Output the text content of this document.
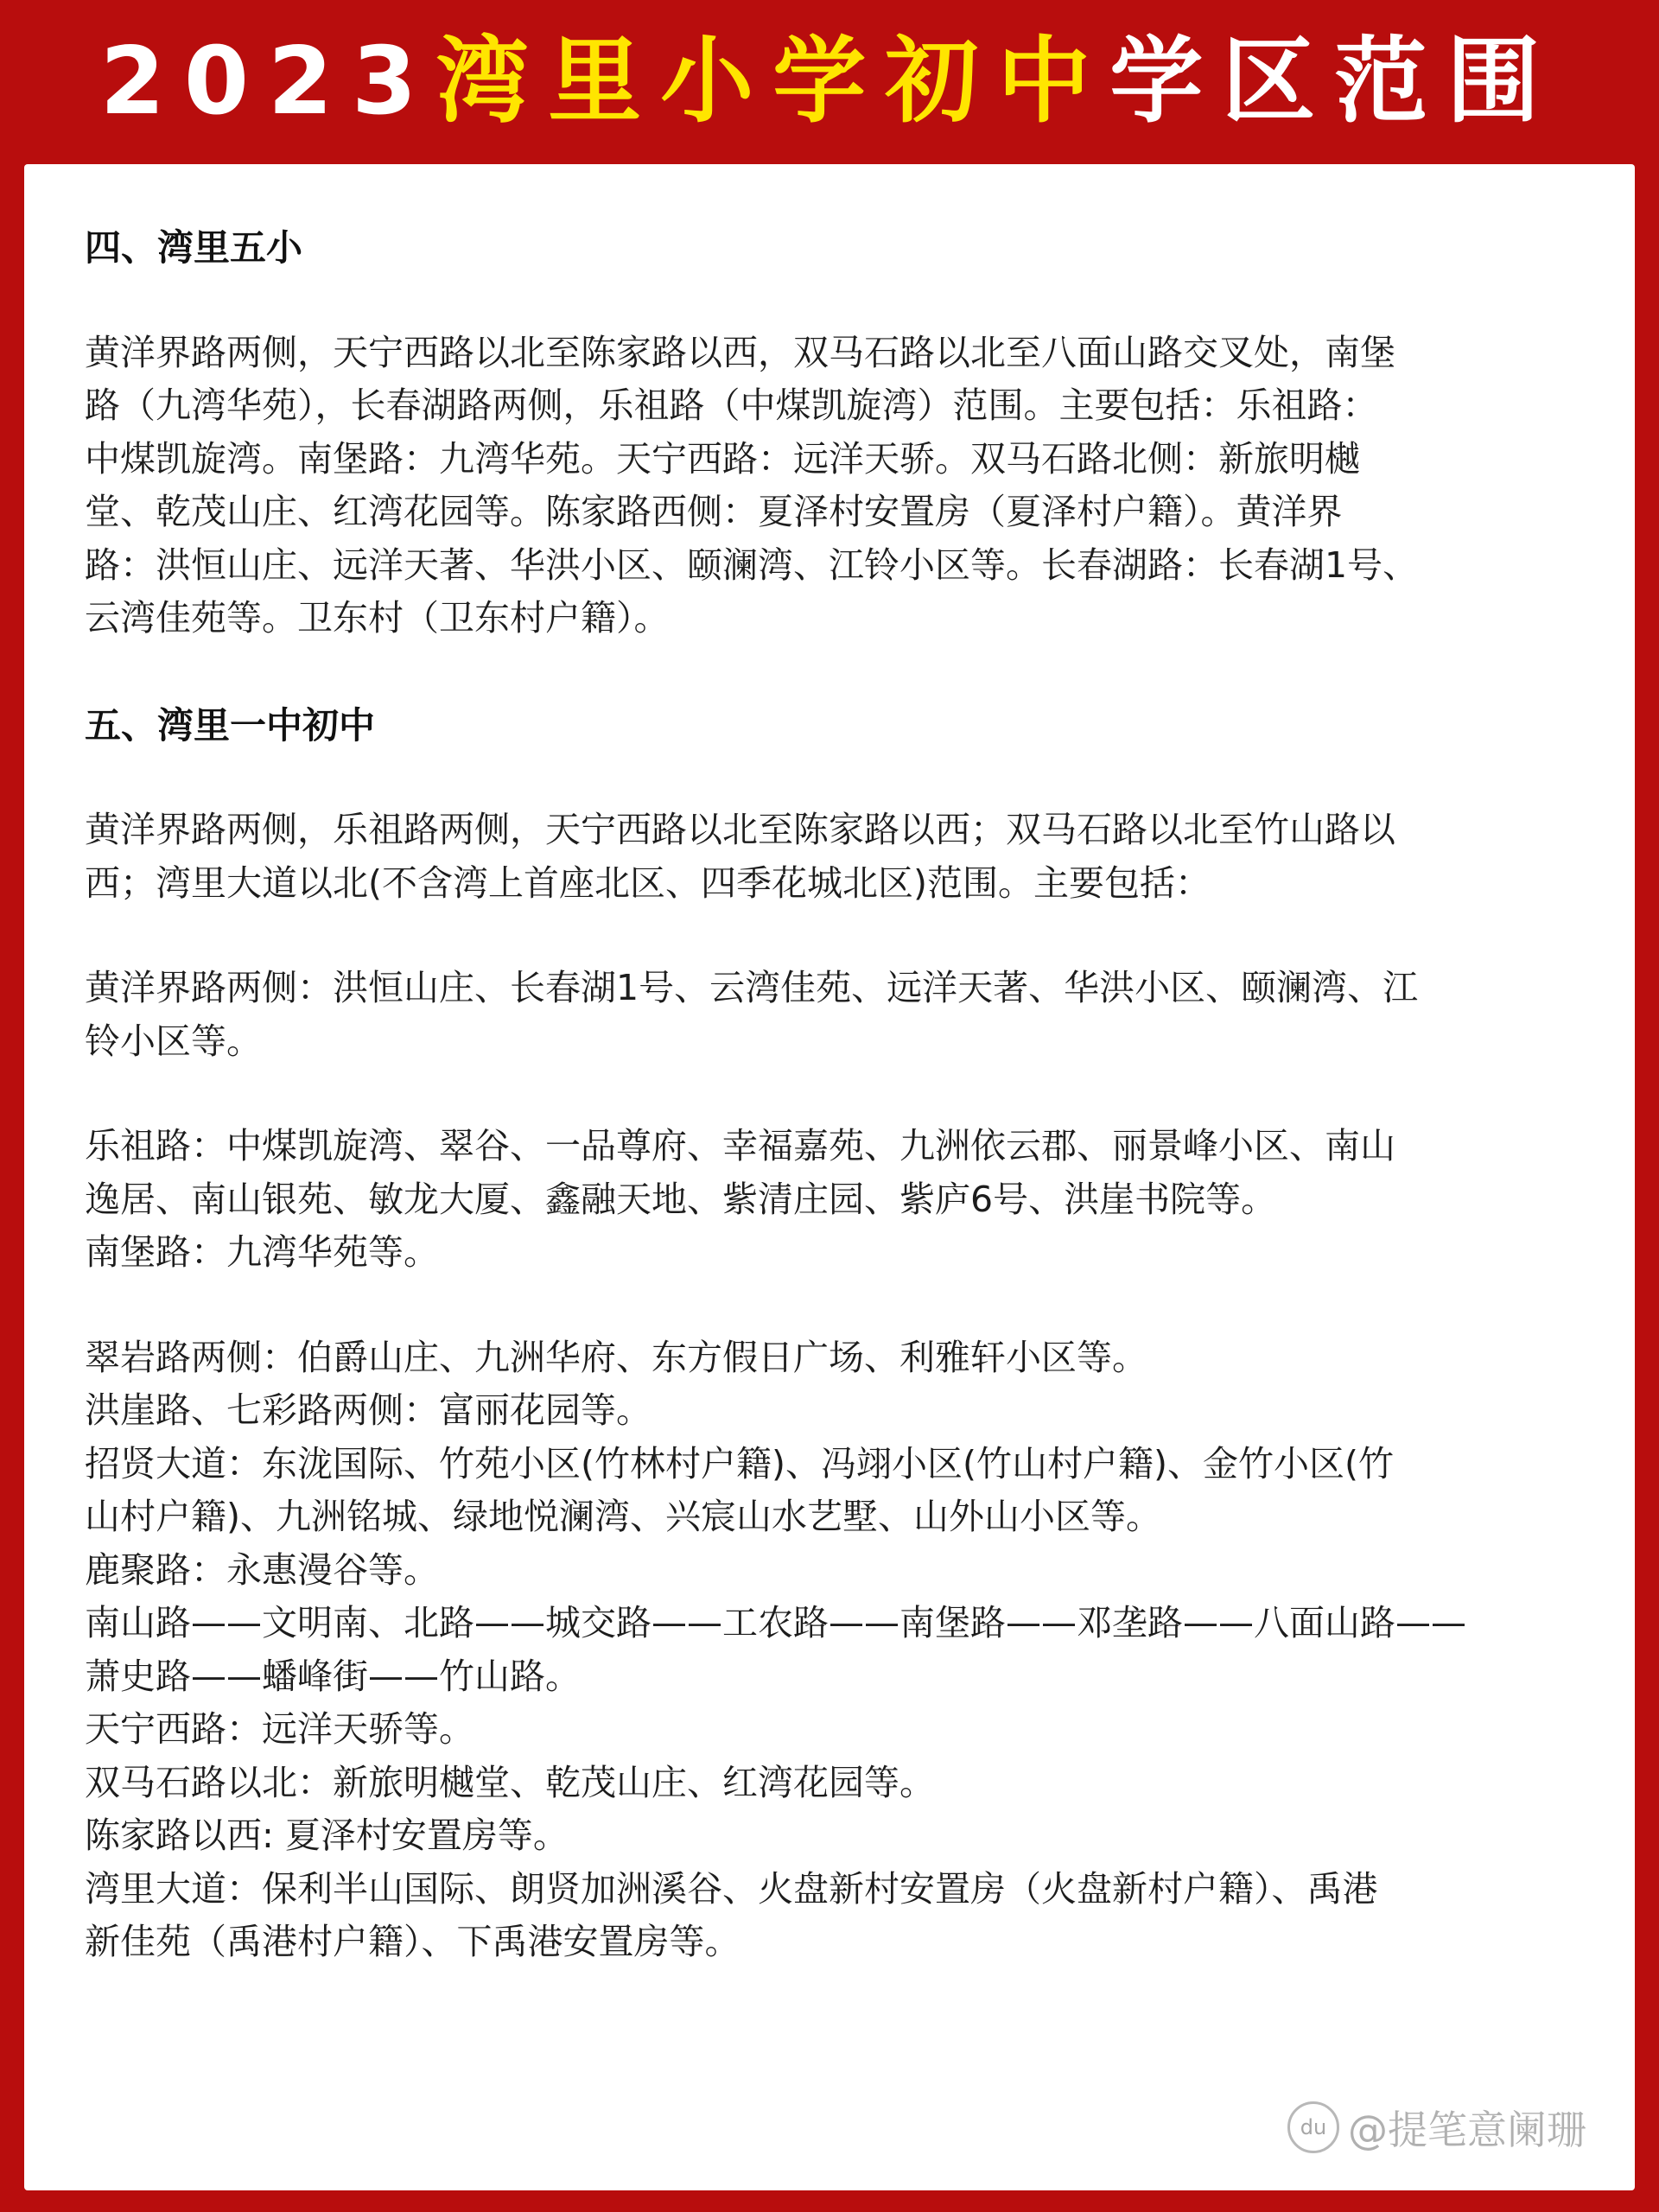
2023湾里小学初中学区范围

四、湾里五小

黄洋界路两侧，天宁西路以北至陈家路以西，双马石路以北至八面山路交叉处，南堡
路（九湾华苑），长春湖路两侧，乐祖路（中煤凯旋湾）范围。主要包括：乐祖路：
中煤凯旋湾。南堡路：九湾华苑。天宁西路：远洋天骄。双马石路北侧：新旅明樾
堂、乾茂山庄、红湾花园等。陈家路西侧：夏泽村安置房（夏泽村户籍）。黄洋界
路：洪恒山庄、远洋天著、华洪小区、颐澜湾、江铃小区等。长春湖路：长春湖1号、
云湾佳苑等。卫东村（卫东村户籍）。

五、湾里一中初中

黄洋界路两侧，乐祖路两侧，天宁西路以北至陈家路以西；双马石路以北至竹山路以
西；湾里大道以北(不含湾上首座北区、四季花城北区)范围。主要包括：

黄洋界路两侧：洪恒山庄、长春湖1号、云湾佳苑、远洋天著、华洪小区、颐澜湾、江
铃小区等。

乐祖路：中煤凯旋湾、翠谷、一品尊府、幸福嘉苑、九洲依云郡、丽景峰小区、南山
逸居、南山银苑、敏龙大厦、鑫融天地、紫清庄园、紫庐6号、洪崖书院等。
南堡路：九湾华苑等。

翠岩路两侧：伯爵山庄、九洲华府、东方假日广场、利雅轩小区等。
洪崖路、七彩路两侧：富丽花园等。
招贤大道：东泷国际、竹苑小区(竹林村户籍)、冯翊小区(竹山村户籍)、金竹小区(竹
山村户籍)、九洲铭城、绿地悦澜湾、兴宸山水艺墅、山外山小区等。
鹿聚路：永惠漫谷等。
南山路——文明南、北路——城交路——工农路——南堡路——邓垄路——八面山路——
萧史路——蟠峰街——竹山路。
天宁西路：远洋天骄等。
双马石路以北：新旅明樾堂、乾茂山庄、红湾花园等。
陈家路以西: 夏泽村安置房等。
湾里大道：保利半山国际、朗贤加洲溪谷、火盘新村安置房（火盘新村户籍）、禹港
新佳苑（禹港村户籍）、下禹港安置房等。

du @提笔意阑珊
